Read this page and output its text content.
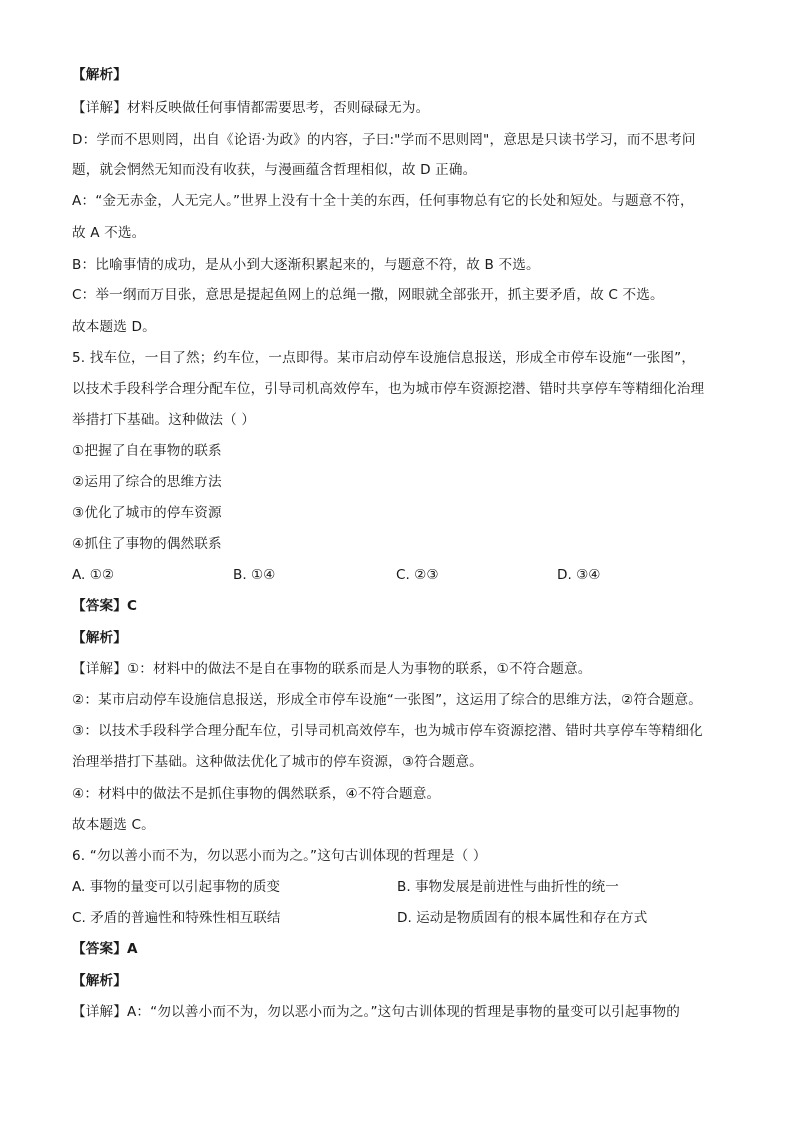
【解析】
【详解】材料反映做任何事情都需要思考，否则碌碌无为。
D：学而不思则罔，出自《论语·为政》的内容，子曰:"学而不思则罔"，意思是只读书学习，而不思考问
题，就会惘然无知而没有收获，与漫画蕴含哲理相似，故 D 正确。
A：“金无赤金，人无完人。”世界上没有十全十美的东西，任何事物总有它的长处和短处。与题意不符，
故 A 不选。
B：比喻事情的成功，是从小到大逐渐积累起来的，与题意不符，故 B 不选。
C：举一纲而万目张，意思是提起鱼网上的总绳一撒，网眼就全部张开，抓主要矛盾，故 C 不选。
故本题选 D。
5. 找车位，一目了然；约车位，一点即得。某市启动停车设施信息报送，形成全市停车设施“一张图”，
以技术手段科学合理分配车位，引导司机高效停车，也为城市停车资源挖潜、错时共享停车等精细化治理
举措打下基础。这种做法（ ）
①把握了自在事物的联系
②运用了综合的思维方法
③优化了城市的停车资源
④抓住了事物的偶然联系
A. ①②	B. ①④	C. ②③	D. ③④
【答案】C
【解析】
【详解】①：材料中的做法不是自在事物的联系而是人为事物的联系，①不符合题意。
②：某市启动停车设施信息报送，形成全市停车设施“一张图”，这运用了综合的思维方法，②符合题意。
③：以技术手段科学合理分配车位，引导司机高效停车，也为城市停车资源挖潜、错时共享停车等精细化
治理举措打下基础。这种做法优化了城市的停车资源，③符合题意。
④：材料中的做法不是抓住事物的偶然联系，④不符合题意。
故本题选 C。
6. “勿以善小而不为，勿以恶小而为之。”这句古训体现的哲理是（ ）
A. 事物的量变可以引起事物的质变	B. 事物发展是前进性与曲折性的统一
C. 矛盾的普遍性和特殊性相互联结	D. 运动是物质固有的根本属性和存在方式
【答案】A
【解析】
【详解】A：“勿以善小而不为，勿以恶小而为之。”这句古训体现的哲理是事物的量变可以引起事物的
